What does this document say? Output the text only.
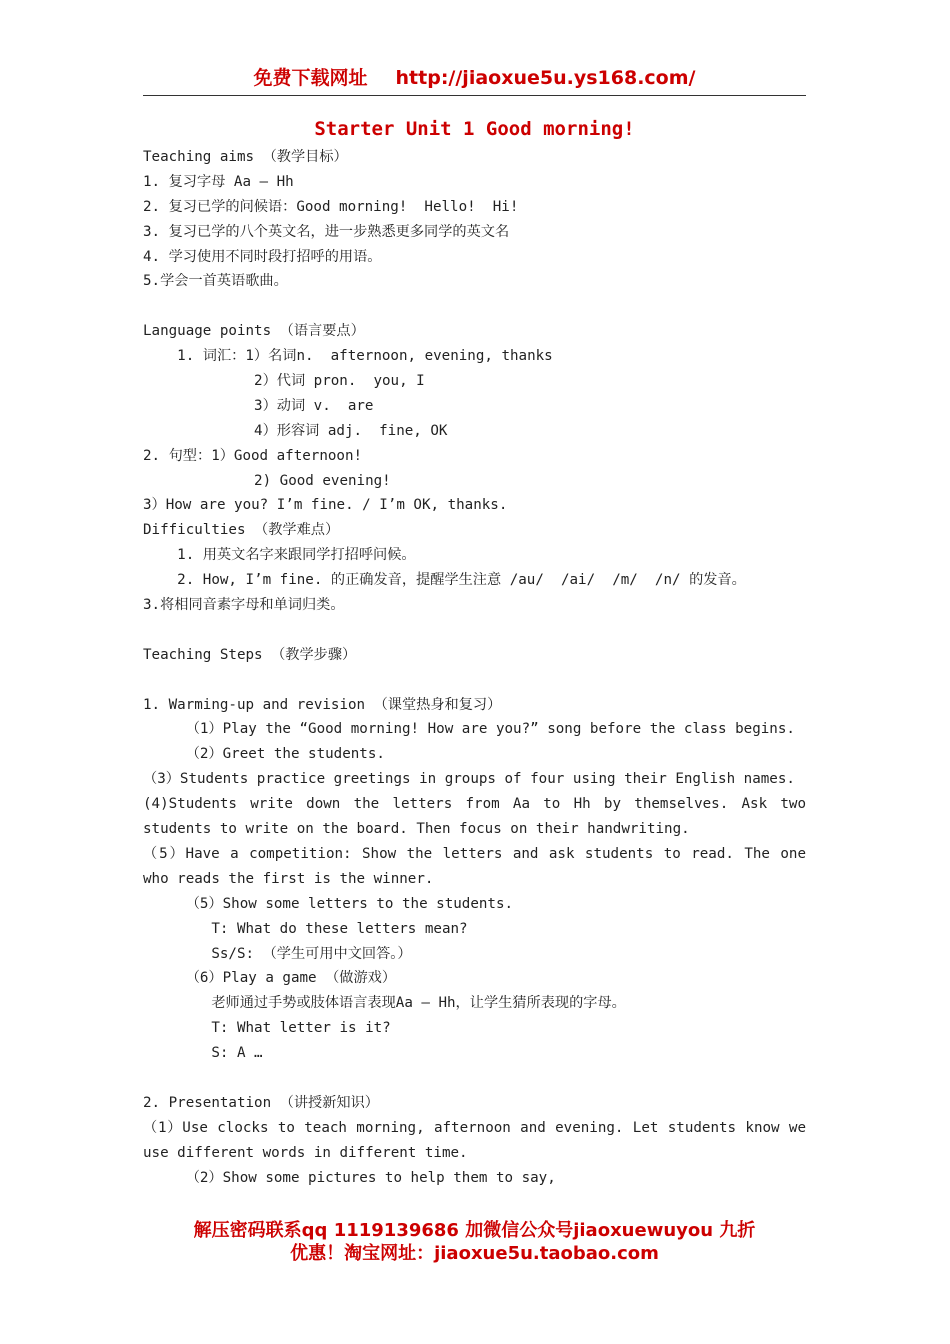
免费下载网址 http://jiaoxue5u.ys168.com/
Starter Unit 1 Good morning!
Teaching aims （教学目标）
1. 复习字母 Aa — Hh
2. 复习已学的问候语：Good morning!  Hello!  Hi!
3. 复习已学的八个英文名，进一步熟悉更多同学的英文名
4. 学习使用不同时段打招呼的用语。
5.学会一首英语歌曲。
Language points （语言要点）
1. 词汇：1）名词n.  afternoon, evening, thanks
2）代词 pron.  you, I
3）动词 v.  are
4）形容词 adj.  fine, OK
2. 句型：1）Good afternoon!
2) Good evening!
3）How are you? I’m fine. / I’m OK, thanks.
Difficulties （教学难点）
1. 用英文名字来跟同学打招呼问候。
2. How, I’m fine. 的正确发音，提醒学生注意 /au/  /ai/  /m/  /n/ 的发音。
3.将相同音素字母和单词归类。
Teaching Steps （教学步骤）
1. Warming-up and revision （课堂热身和复习）
（1）Play the “Good morning! How are you?” song before the class begins.
（2）Greet the students.
（3）Students practice greetings in groups of four using their English names.
(4)Students write down the letters from Aa to Hh by themselves. Ask two students to write on the board. Then focus on their handwriting.
（5）Have a competition: Show the letters and ask students to read. The one who reads the first is the winner.
（5）Show some letters to the students.
T: What do these letters mean?
Ss/S: （学生可用中文回答。）
（6）Play a game （做游戏）
老师通过手势或肢体语言表现Aa — Hh，让学生猜所表现的字母。
T: What letter is it?
S: A …
2. Presentation （讲授新知识）
（1）Use clocks to teach morning, afternoon and evening. Let students know we use different words in different time.
（2）Show some pictures to help them to say,
解压密码联系qq 1119139686 加微信公众号jiaoxuewuyou 九折
优惠！淘宝网址：jiaoxue5u.taobao.com
